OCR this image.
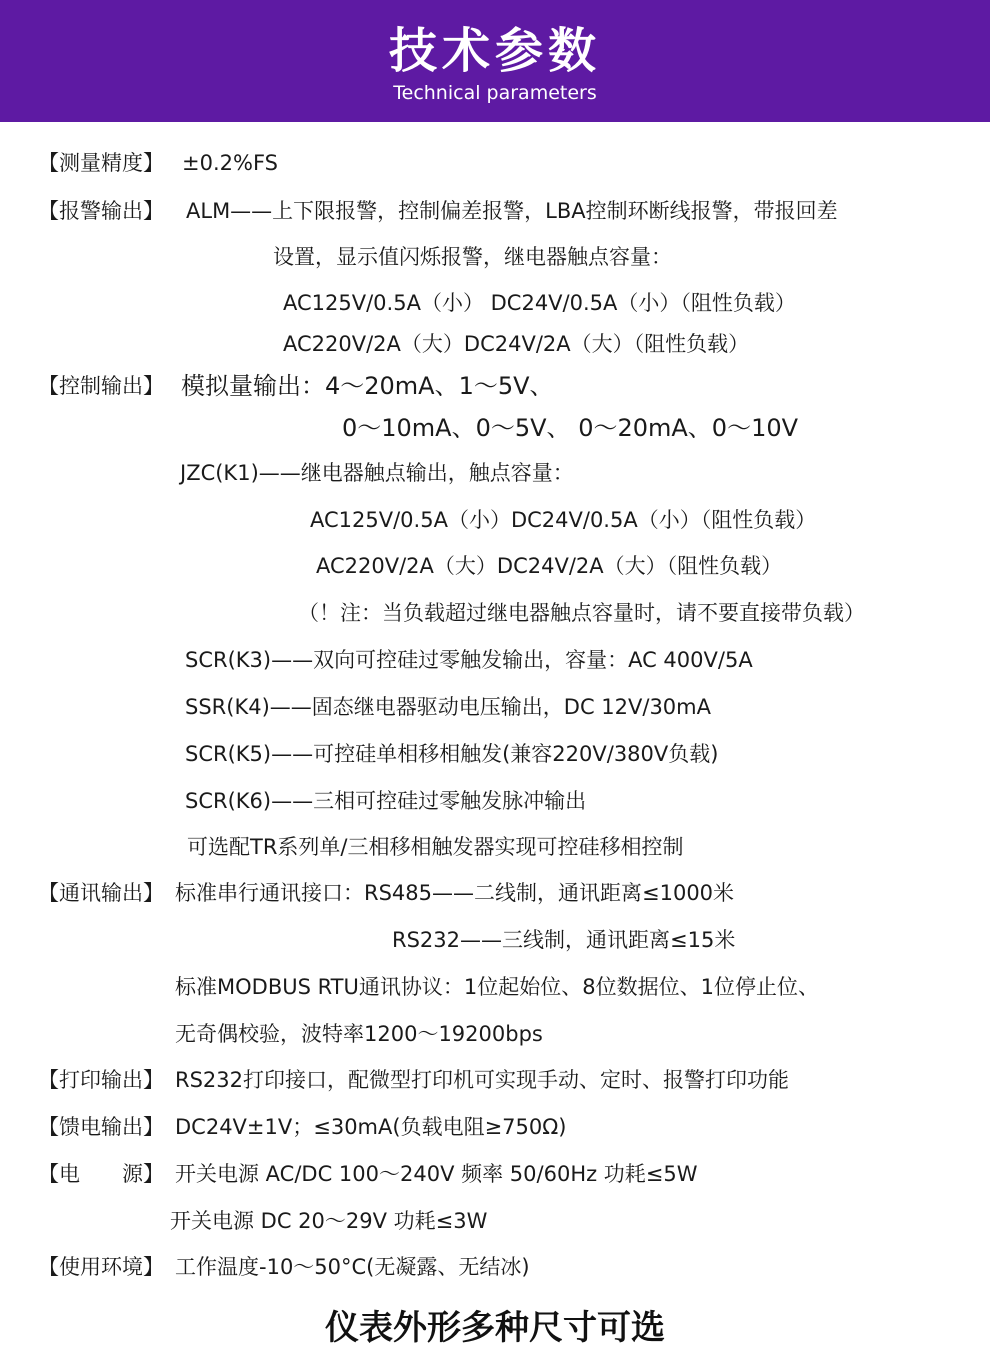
技术参数
Technical parameters
【测量精度】 ±0.2%FS
【报警输出】 ALM——上下限报警，控制偏差报警，LBA控制环断线报警，带报回差
设置，显示值闪烁报警，继电器触点容量：
AC125V/0.5A（小） DC24V/0.5A（小）（阻性负载）
AC220V/2A（大）DC24V/2A（大）（阻性负载）
【控制输出】 模拟量输出：4～20mA、1～5V、
0～10mA、0～5V、 0～20mA、0～10V
JZC(K1)——继电器触点输出，触点容量：
AC125V/0.5A（小）DC24V/0.5A（小）（阻性负载）
AC220V/2A（大）DC24V/2A（大）（阻性负载）
（！注：当负载超过继电器触点容量时，请不要直接带负载）
SCR(K3)——双向可控硅过零触发输出，容量：AC 400V/5A
SSR(K4)——固态继电器驱动电压输出，DC 12V/30mA
SCR(K5)——可控硅单相移相触发(兼容220V/380V负载)
SCR(K6)——三相可控硅过零触发脉冲输出
可选配TR系列单/三相移相触发器实现可控硅移相控制
【通讯输出】 标准串行通讯接口：RS485——二线制，通讯距离≤1000米
RS232——三线制，通讯距离≤15米
标准MODBUS RTU通讯协议：1位起始位、8位数据位、1位停止位、
无奇偶校验，波特率1200～19200bps
【打印输出】 RS232打印接口，配微型打印机可实现手动、定时、报警打印功能
【馈电输出】 DC24V±1V；≤30mA(负载电阻≥750Ω)
【电　　源】 开关电源 AC/DC 100～240V 频率 50/60Hz 功耗≤5W
开关电源 DC 20～29V 功耗≤3W
【使用环境】 工作温度-10～50°C(无凝露、无结冰)
仪表外形多种尺寸可选
